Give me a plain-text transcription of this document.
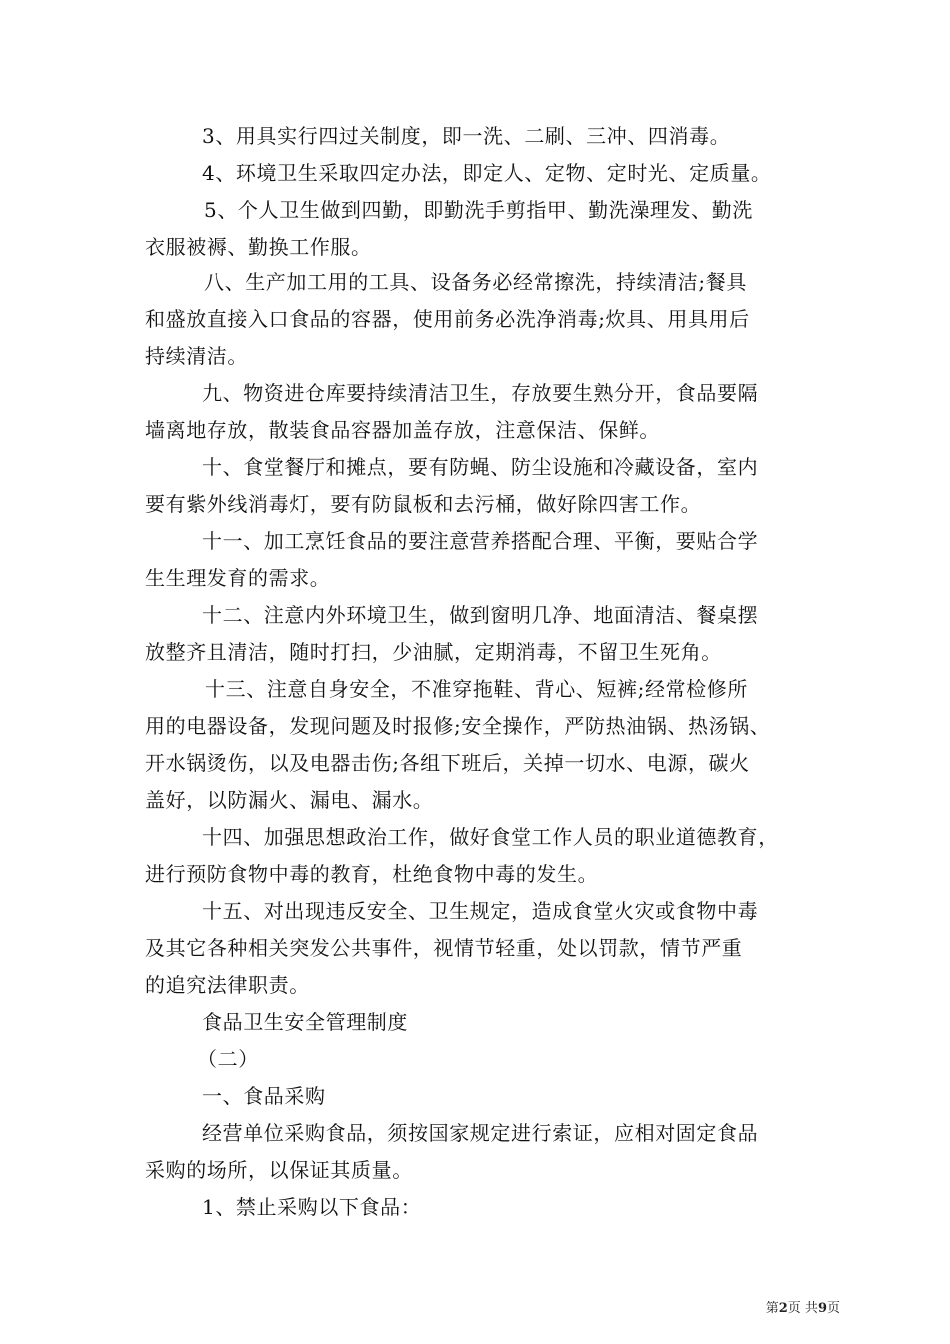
3、用具实行四过关制度，即一洗、二刷、三冲、四消毒。

4、环境卫生采取四定办法，即定人、定物、定时光、定质量。

5、个人卫生做到四勤，即勤洗手剪指甲、勤洗澡理发、勤洗
衣服被褥、勤换工作服。

八、生产加工用的工具、设备务必经常擦洗，持续清洁;餐具
和盛放直接入口食品的容器，使用前务必洗净消毒;炊具、用具用后
持续清洁。

九、物资进仓库要持续清洁卫生，存放要生熟分开，食品要隔
墙离地存放，散装食品容器加盖存放，注意保洁、保鲜。

十、食堂餐厅和摊点，要有防蝇、防尘设施和冷藏设备，室内
要有紫外线消毒灯，要有防鼠板和去污桶，做好除四害工作。

十一、加工烹饪食品的要注意营养搭配合理、平衡，要贴合学
生生理发育的需求。

十二、注意内外环境卫生，做到窗明几净、地面清洁、餐桌摆
放整齐且清洁，随时打扫，少油腻，定期消毒，不留卫生死角。

十三、注意自身安全，不准穿拖鞋、背心、短裤;经常检修所
用的电器设备，发现问题及时报修;安全操作，严防热油锅、热汤锅、
开水锅烫伤，以及电器击伤;各组下班后，关掉一切水、电源，碳火
盖好，以防漏火、漏电、漏水。

十四、加强思想政治工作，做好食堂工作人员的职业道德教育，
进行预防食物中毒的教育，杜绝食物中毒的发生。

十五、对出现违反安全、卫生规定，造成食堂火灾或食物中毒
及其它各种相关突发公共事件，视情节轻重，处以罚款，情节严重
的追究法律职责。

食品卫生安全管理制度

（二）

一、食品采购

经营单位采购食品，须按国家规定进行索证，应相对固定食品
采购的场所，以保证其质量。

1、禁止采购以下食品：

第2页 共9页
